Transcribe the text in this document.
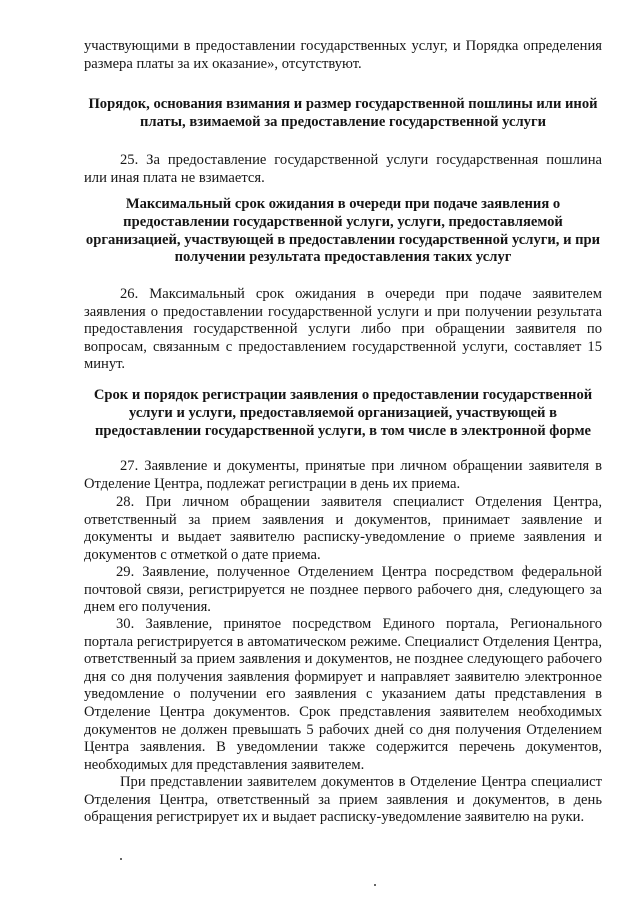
участвующими в предоставлении государственных услуг, и Порядка определения размера платы за их оказание», отсутствуют.

Порядок, основания взимания и размер государственной пошлины или иной платы, взимаемой за предоставление государственной услуги

25. За предоставление государственной услуги государственная пошлина или иная плата не взимается.

Максимальный срок ожидания в очереди при подаче заявления о предоставлении государственной услуги, услуги, предоставляемой организацией, участвующей в предоставлении государственной услуги, и при получении результата предоставления таких услуг

26. Максимальный срок ожидания в очереди при подаче заявителем заявления о предоставлении государственной услуги и при получении результата предоставления государственной услуги либо при обращении заявителя по вопросам, связанным с предоставлением государственной услуги, составляет 15 минут.

Срок и порядок регистрации заявления о предоставлении государственной услуги и услуги, предоставляемой организацией, участвующей в предоставлении государственной услуги, в том числе в электронной форме

27. Заявление и документы, принятые при личном обращении заявителя в Отделение Центра, подлежат регистрации в день их приема.

28. При личном обращении заявителя специалист Отделения Центра, ответственный за прием заявления и документов, принимает заявление и документы и выдает заявителю расписку-уведомление о приеме заявления и документов с отметкой о дате приема.

29. Заявление, полученное Отделением Центра посредством федеральной почтовой связи, регистрируется не позднее первого рабочего дня, следующего за днем его получения.

30. Заявление, принятое посредством Единого портала, Регионального портала регистрируется в автоматическом режиме. Специалист Отделения Центра, ответственный за прием заявления и документов, не позднее следующего рабочего дня со дня получения заявления формирует и направляет заявителю электронное уведомление о получении его заявления с указанием даты представления в Отделение Центра документов. Срок представления заявителем необходимых документов не должен превышать 5 рабочих дней со дня получения Отделением Центра заявления. В уведомлении также содержится перечень документов, необходимых для представления заявителем.

При представлении заявителем документов в Отделение Центра специалист Отделения Центра, ответственный за прием заявления и документов, в день обращения регистрирует их и выдает расписку-уведомление заявителю на руки.
